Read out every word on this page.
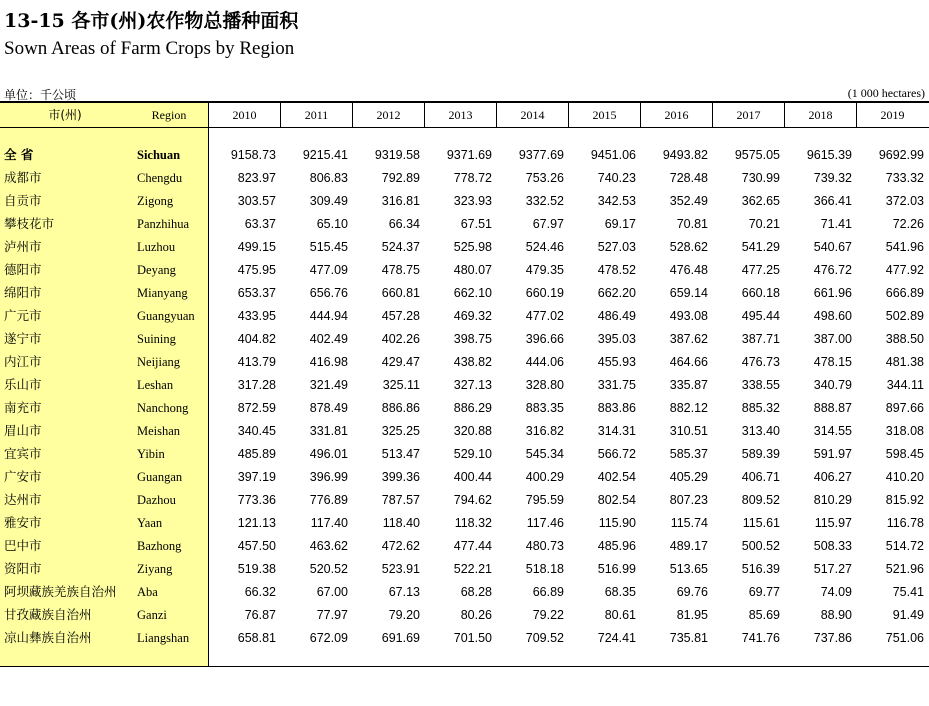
13-15 各市(州)农作物总播种面积
Sown Areas of Farm Crops by Region
单位：千公顷	(1 000 hectares)
市(州)	Region	2010	2011	2012	2013	2014	2015	2016	2017	2018	2019
全 省	Sichuan	9158.73	9215.41	9319.58	9371.69	9377.69	9451.06	9493.82	9575.05	9615.39	9692.99
成都市	Chengdu	823.97	806.83	792.89	778.72	753.26	740.23	728.48	730.99	739.32	733.32
自贡市	Zigong	303.57	309.49	316.81	323.93	332.52	342.53	352.49	362.65	366.41	372.03
攀枝花市	Panzhihua	63.37	65.10	66.34	67.51	67.97	69.17	70.81	70.21	71.41	72.26
泸州市	Luzhou	499.15	515.45	524.37	525.98	524.46	527.03	528.62	541.29	540.67	541.96
德阳市	Deyang	475.95	477.09	478.75	480.07	479.35	478.52	476.48	477.25	476.72	477.92
绵阳市	Mianyang	653.37	656.76	660.81	662.10	660.19	662.20	659.14	660.18	661.96	666.89
广元市	Guangyuan	433.95	444.94	457.28	469.32	477.02	486.49	493.08	495.44	498.60	502.89
遂宁市	Suining	404.82	402.49	402.26	398.75	396.66	395.03	387.62	387.71	387.00	388.50
内江市	Neijiang	413.79	416.98	429.47	438.82	444.06	455.93	464.66	476.73	478.15	481.38
乐山市	Leshan	317.28	321.49	325.11	327.13	328.80	331.75	335.87	338.55	340.79	344.11
南充市	Nanchong	872.59	878.49	886.86	886.29	883.35	883.86	882.12	885.32	888.87	897.66
眉山市	Meishan	340.45	331.81	325.25	320.88	316.82	314.31	310.51	313.40	314.55	318.08
宜宾市	Yibin	485.89	496.01	513.47	529.10	545.34	566.72	585.37	589.39	591.97	598.45
广安市	Guangan	397.19	396.99	399.36	400.44	400.29	402.54	405.29	406.71	406.27	410.20
达州市	Dazhou	773.36	776.89	787.57	794.62	795.59	802.54	807.23	809.52	810.29	815.92
雅安市	Yaan	121.13	117.40	118.40	118.32	117.46	115.90	115.74	115.61	115.97	116.78
巴中市	Bazhong	457.50	463.62	472.62	477.44	480.73	485.96	489.17	500.52	508.33	514.72
资阳市	Ziyang	519.38	520.52	523.91	522.21	518.18	516.99	513.65	516.39	517.27	521.96
阿坝藏族羌族自治州 Aba	66.32	67.00	67.13	68.28	66.89	68.35	69.76	69.77	74.09	75.41
甘孜藏族自治州	Ganzi	76.87	77.97	79.20	80.26	79.22	80.61	81.95	85.69	88.90	91.49
凉山彝族自治州	Liangshan	658.81	672.09	691.69	701.50	709.52	724.41	735.81	741.76	737.86	751.06
